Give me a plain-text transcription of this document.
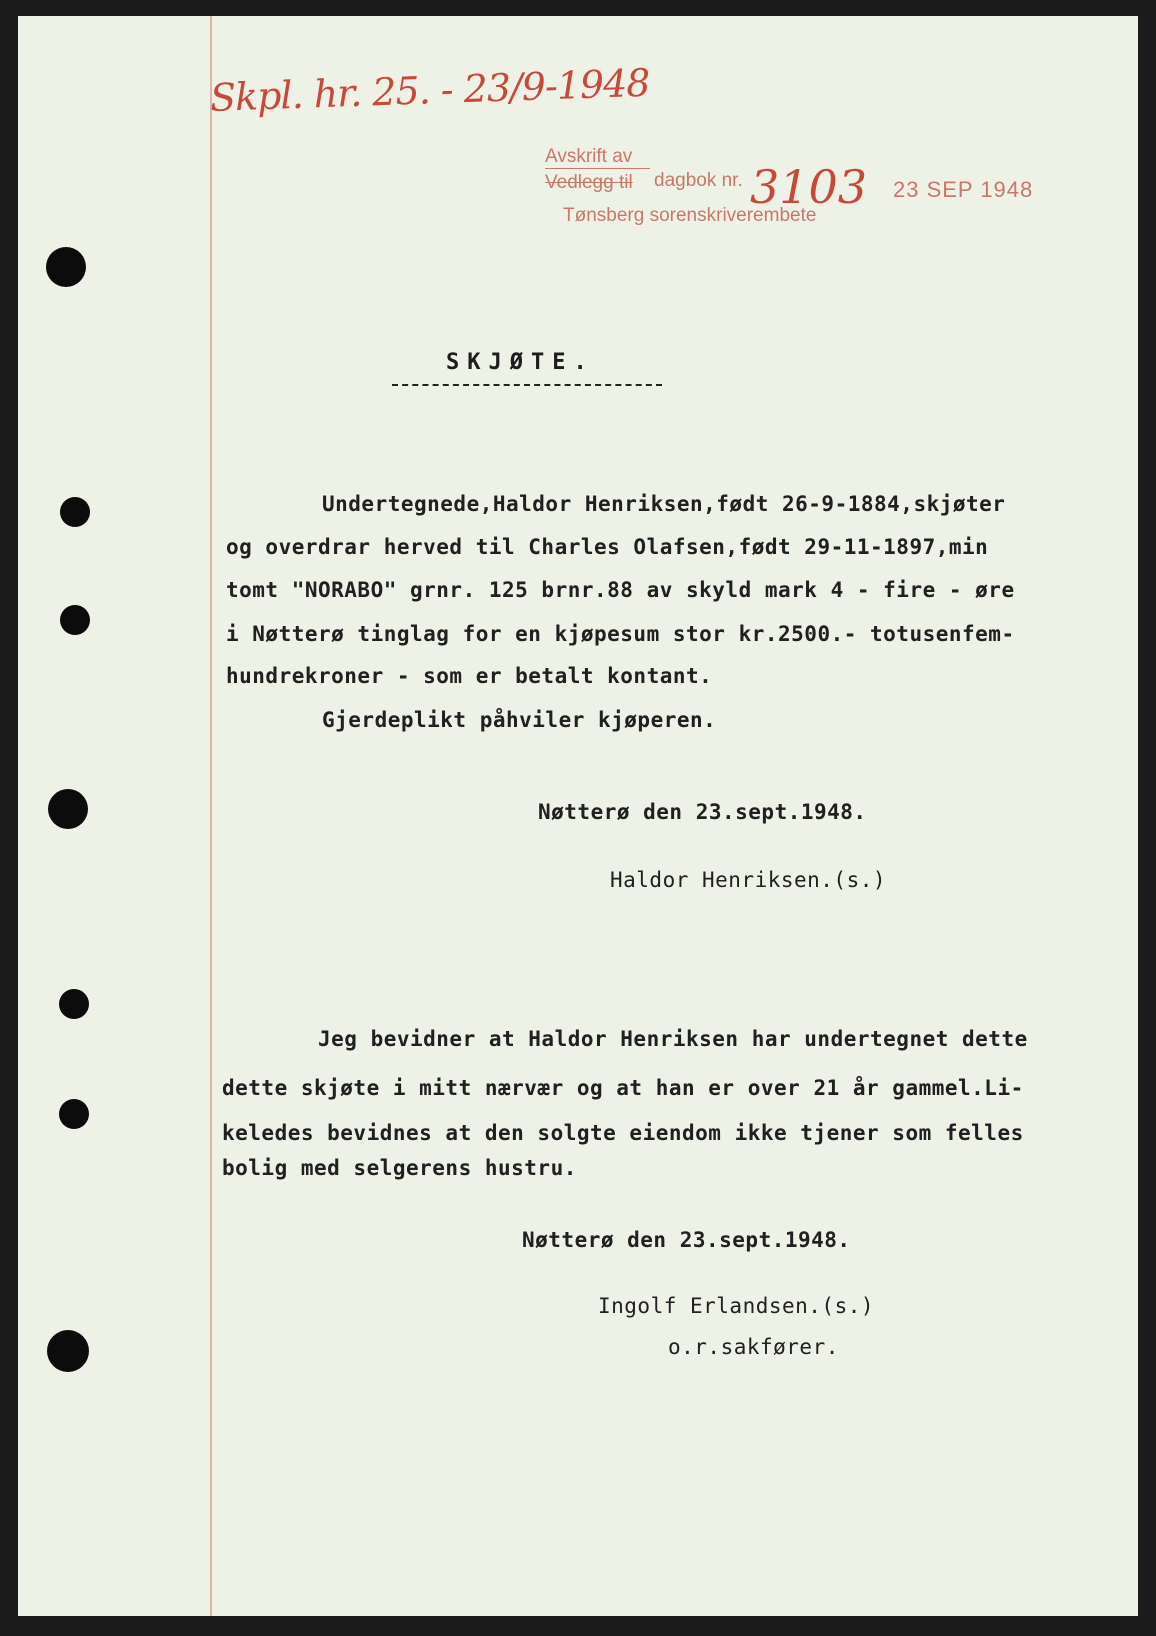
Skpl. hr. 25. - 23/9-1948
Avskrift av
Vedlegg til dagbok nr. 3103
Tønsberg sorenskriverembete
23 SEP 1948
SKJØTE.
Undertegnede,Haldor Henriksen,født 26-9-1884,skjøter
og overdrar herved til Charles Olafsen,født 29-11-1897,min
tomt "NORABO" grnr. 125 brnr.88 av skyld mark 4 - fire - øre
i Nøtterø tinglag for en kjøpesum stor kr.2500.- totusenfem-
hundrekroner - som er betalt kontant.
Gjerdeplikt påhviler kjøperen.
Nøtterø den 23.sept.1948.
Haldor Henriksen.(s.)
Jeg bevidner at Haldor Henriksen har undertegnet dette
dette skjøte i mitt nærvær og at han er over 21 år gammel.Li-
keledes bevidnes at den solgte eiendom ikke tjener som felles
bolig med selgerens hustru.
Nøtterø den 23.sept.1948.
Ingolf Erlandsen.(s.)
o.r.sakfører.
